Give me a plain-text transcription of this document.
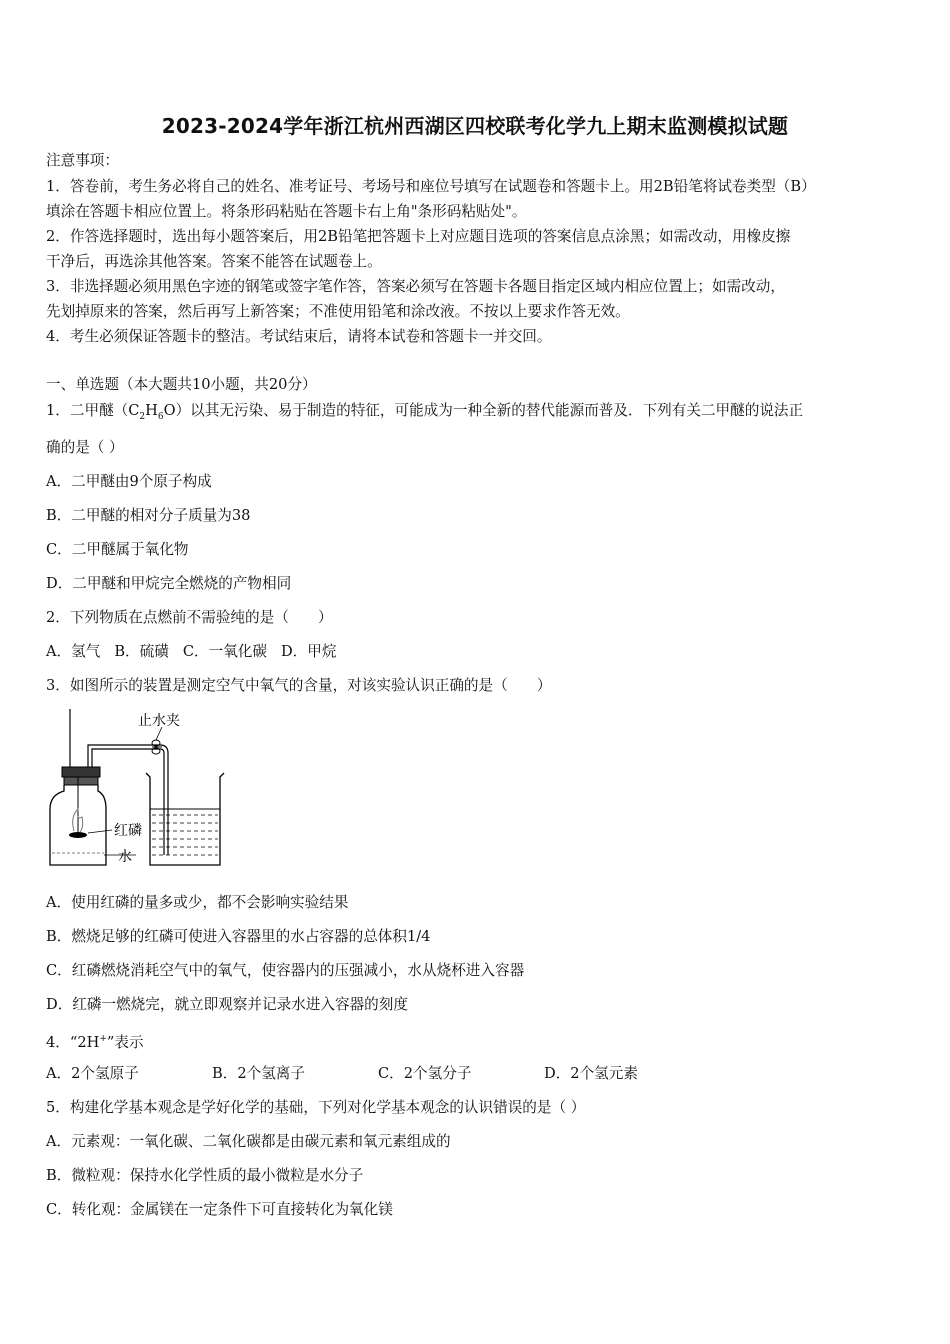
2023-2024学年浙江杭州西湖区四校联考化学九上期末监测模拟试题
注意事项：
1．答卷前，考生务必将自己的姓名、准考证号、考场号和座位号填写在试题卷和答题卡上。用2B铅笔将试卷类型（B）
填涂在答题卡相应位置上。将条形码粘贴在答题卡右上角"条形码粘贴处"。
2．作答选择题时，选出每小题答案后，用2B铅笔把答题卡上对应题目选项的答案信息点涂黑；如需改动，用橡皮擦
干净后，再选涂其他答案。答案不能答在试题卷上。
3．非选择题必须用黑色字迹的钢笔或签字笔作答，答案必须写在答题卡各题目指定区域内相应位置上；如需改动，
先划掉原来的答案，然后再写上新答案；不准使用铅笔和涂改液。不按以上要求作答无效。
4．考生必须保证答题卡的整洁。考试结束后，请将本试卷和答题卡一并交回。
一、单选题（本大题共10小题，共20分）
1．二甲醚$(C_2H_6O)$以其无污染、易于制造的特征，可能成为一种全新的替代能源而普及．下列有关二甲醚的说法正
确的是（ ）
A．二甲醚由9个原子构成
B．二甲醚的相对分子质量为38
C．二甲醚属于氧化物
D．二甲醚和甲烷完全燃烧的产物相同
2．下列物质在点燃前不需验纯的是（　　）
A．氢气 B．硫磺 C．一氧化碳 D．甲烷
3．如图所示的装置是测定空气中氧气的含量，对该实验认识正确的是（　　）
止水夹
红磷
水
A．使用红磷的量多或少，都不会影响实验结果
B．燃烧足够的红磷可使进入容器里的水占容器的总体积1/4
C．红磷燃烧消耗空气中的氧气，使容器内的压强减小，水从烧杯进入容器
D．红磷一燃烧完，就立即观察并记录水进入容器的刻度
4．“2H+”表示
A．2个氢原子	B．2个氢离子	C．2个氢分子	D．2个氢元素
5．构建化学基本观念是学好化学的基础，下列对化学基本观念的认识错误的是（ ）
A．元素观：一氧化碳、二氧化碳都是由碳元素和氧元素组成的
B．微粒观：保持水化学性质的最小微粒是水分子
C．转化观：金属镁在一定条件下可直接转化为氧化镁
